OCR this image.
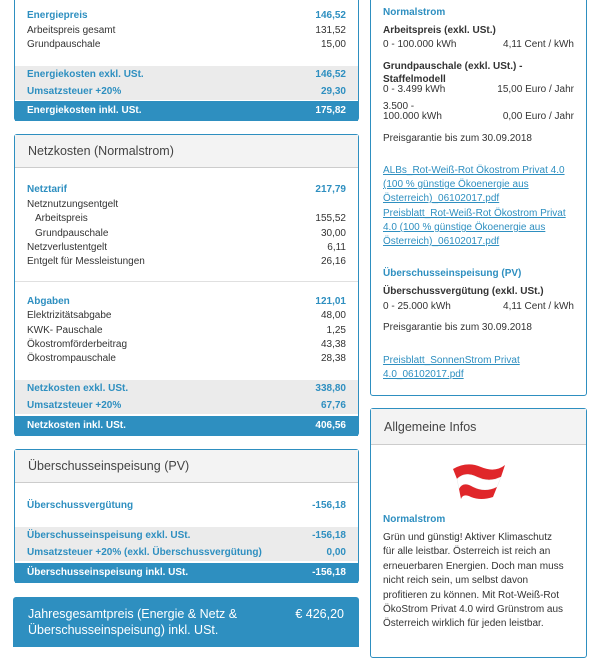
Energiepreis	146,52
Arbeitspreis gesamt	131,52
Grundpauschale	15,00
Energiekosten exkl. USt.	146,52
Umsatzsteuer +20%	29,30
Energiekosten inkl. USt.	175,82
Netzkosten (Normalstrom)
Netztarif	217,79
Netznutzungsentgelt
Arbeitspreis	155,52
Grundpauschale	30,00
Netzverlustentgelt	6,11
Entgelt für Messleistungen	26,16
Abgaben	121,01
Elektrizitätsabgabe	48,00
KWK- Pauschale	1,25
Ökostromförderbeitrag	43,38
Ökostrompauschale	28,38
Netzkosten exkl. USt.	338,80
Umsatzsteuer +20%	67,76
Netzkosten inkl. USt.	406,56
Überschusseinspeisung (PV)
Überschussvergütung	-156,18
Überschusseinspeisung exkl. USt.	-156,18
Umsatzsteuer +20% (exkl. Überschussvergütung)	0,00
Überschusseinspeisung inkl. USt.	-156,18
Jahresgesamtpreis (Energie & Netz &
Überschusseinspeisung) inkl. USt.
€ 426,20
Normalstrom
Arbeitspreis (exkl. USt.)
0 - 100.000 kWh	4,11 Cent / kWh
Grundpauschale (exkl. USt.) -
Staffelmodell
0 - 3.499 kWh	15,00 Euro / Jahr
3.500 -
100.000 kWh	0,00 Euro / Jahr
Preisgarantie bis zum 30.09.2018
ALBs_Rot-Weiß-Rot Ökostrom Privat 4.0
(100 % günstige Ökoenergie aus
Österreich)_06102017.pdf
Preisblatt_Rot-Weiß-Rot Ökostrom Privat
4.0 (100 % günstige Ökoenergie aus
Österreich)_06102017.pdf
Überschusseinspeisung (PV)
Überschussvergütung (exkl. USt.)
0 - 25.000 kWh	4,11 Cent / kWh
Preisgarantie bis zum 30.09.2018
Preisblatt_SonnenStrom Privat
4.0_06102017.pdf
Allgemeine Infos
Normalstrom
Grün und günstig! Aktiver Klimaschutz
für alle leistbar. Österreich ist reich an
erneuerbaren Energien. Doch man muss
nicht reich sein, um selbst davon
profitieren zu können. Mit Rot-Weiß-Rot
ÖkoStrom Privat 4.0 wird Grünstrom aus
Österreich wirklich für jeden leistbar.
